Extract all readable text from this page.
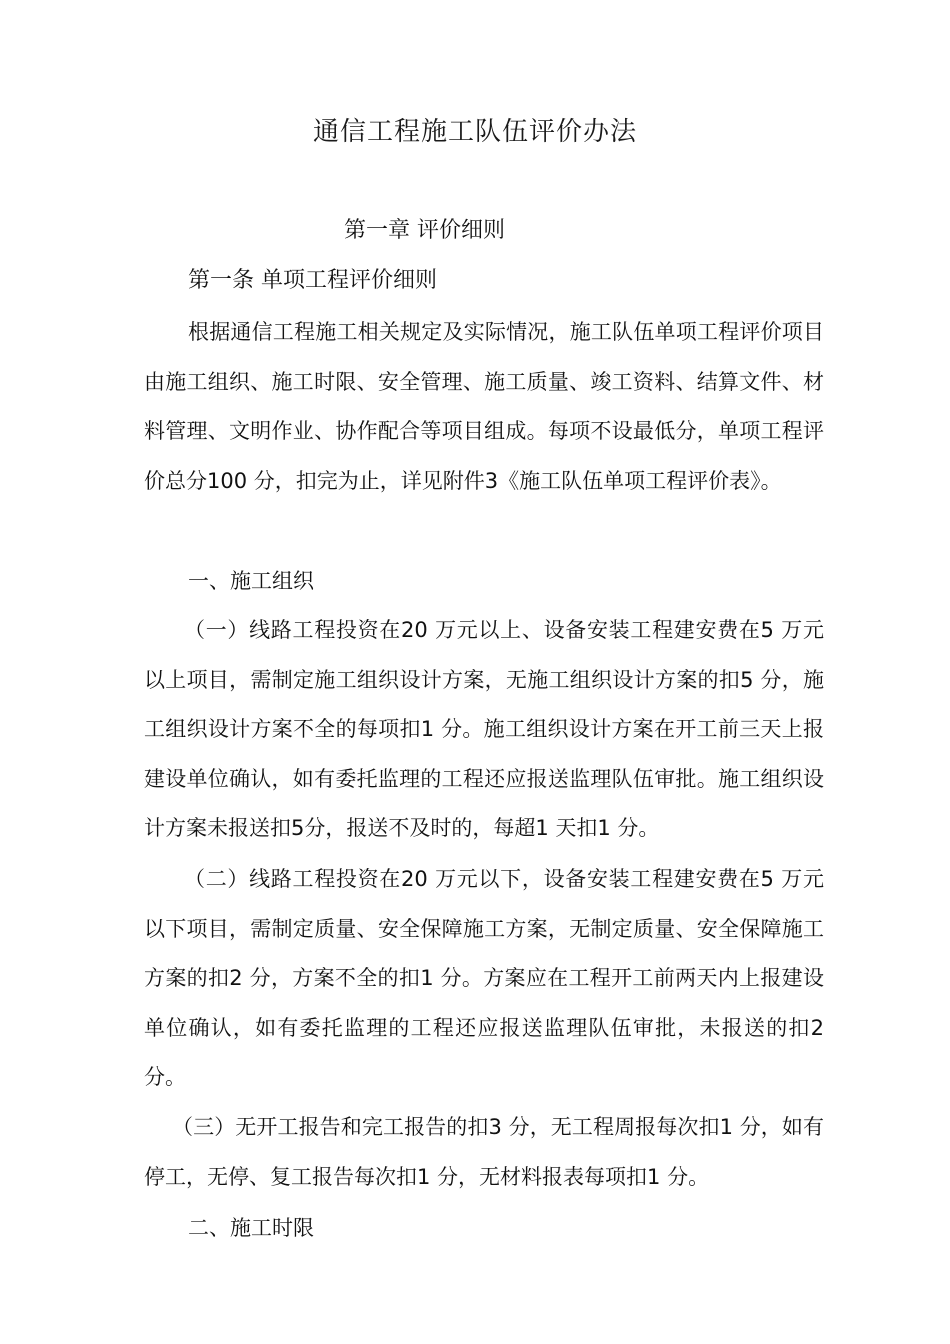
通信工程施工队伍评价办法
第一章 评价细则
第一条 单项工程评价细则
根据通信工程施工相关规定及实际情况，施工队伍单项工程评价项目由施工组织、施工时限、安全管理、施工质量、竣工资料、结算文件、材料管理、文明作业、协作配合等项目组成。每项不设最低分，单项工程评价总分100 分，扣完为止，详见附件3《施工队伍单项工程评价表》。
一、施工组织
（一）线路工程投资在20 万元以上、设备安装工程建安费在5 万元以上项目，需制定施工组织设计方案，无施工组织设计方案的扣5 分，施工组织设计方案不全的每项扣1 分。施工组织设计方案在开工前三天上报建设单位确认，如有委托监理的工程还应报送监理队伍审批。施工组织设计方案未报送扣5分，报送不及时的，每超1 天扣1 分。
（二）线路工程投资在20 万元以下，设备安装工程建安费在5 万元以下项目，需制定质量、安全保障施工方案，无制定质量、安全保障施工方案的扣2 分，方案不全的扣1 分。方案应在工程开工前两天内上报建设单位确认，如有委托监理的工程还应报送监理队伍审批，未报送的扣2 分。
（三）无开工报告和完工报告的扣3 分，无工程周报每次扣1 分，如有停工，无停、复工报告每次扣1 分，无材料报表每项扣1 分。
二、施工时限
